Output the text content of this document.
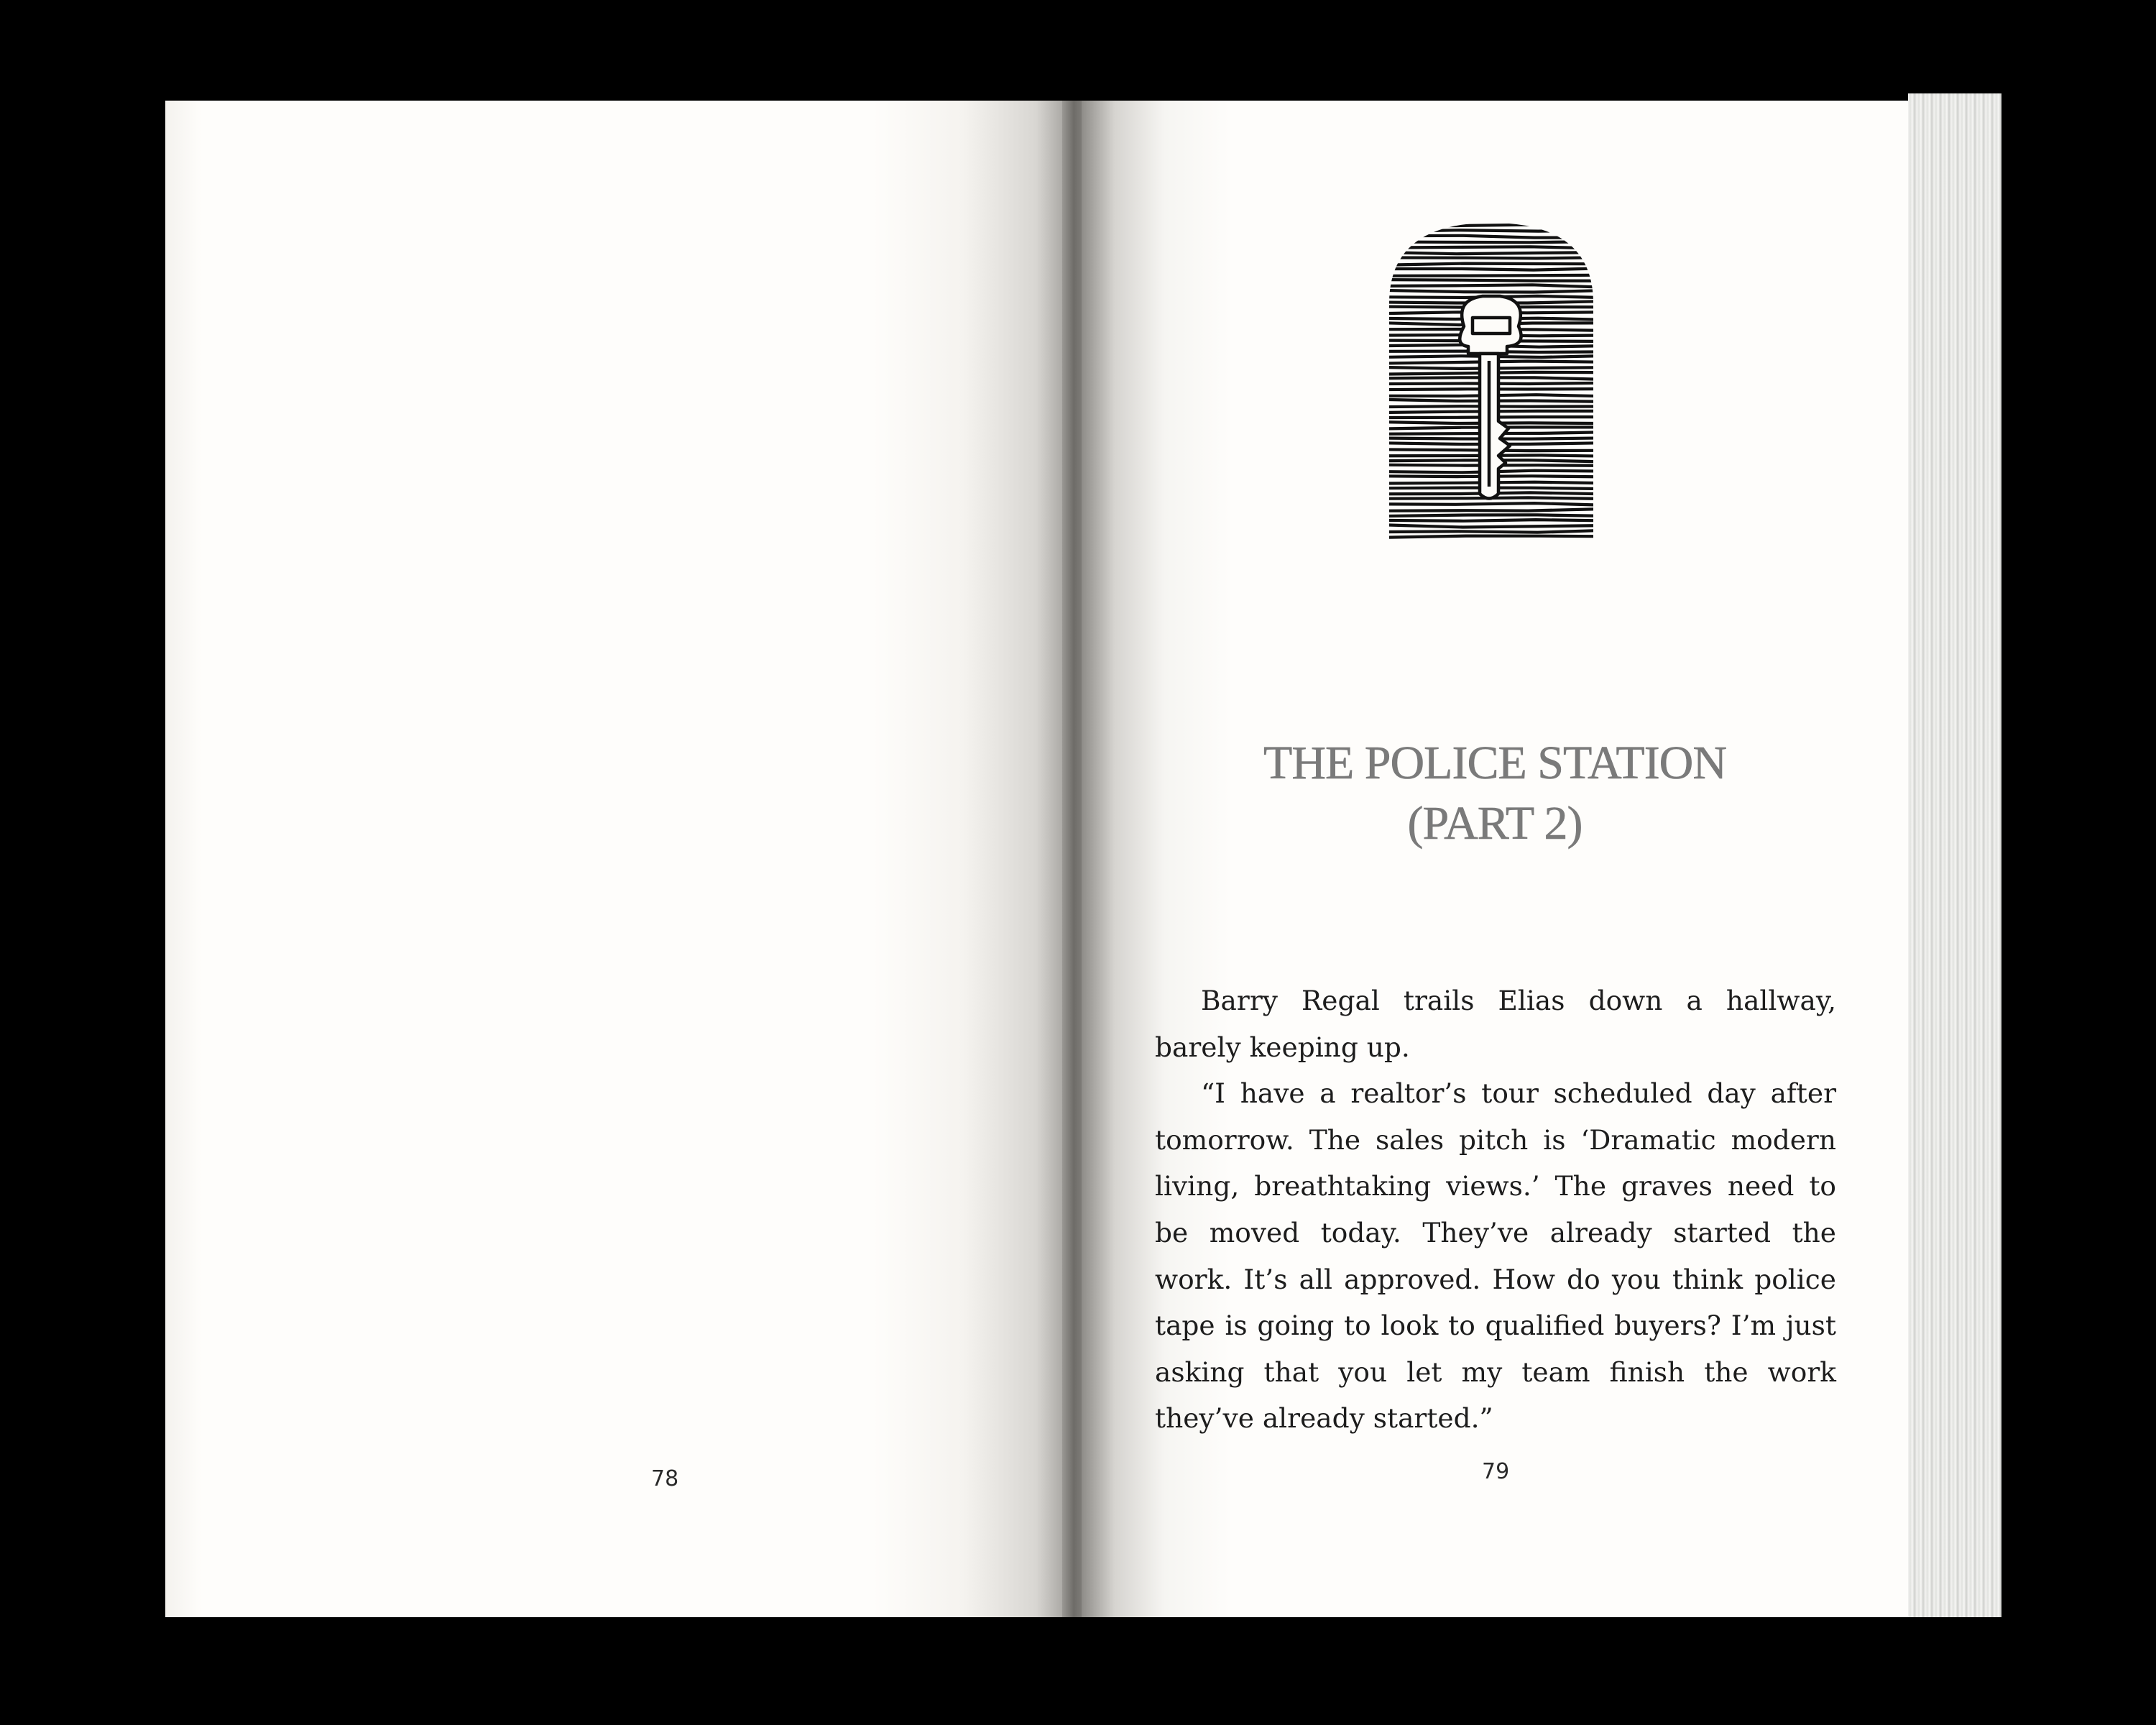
78
THE POLICE STATION
(PART 2)

Barry Regal trails Elias down a hallway, barely keeping up.

“I have a realtor’s tour scheduled day after tomorrow. The sales pitch is ‘Dramatic modern living, breathtaking views.’ The graves need to be moved today. They’ve already started the work. It’s all approved. How do you think police tape is going to look to qualified buyers? I’m just asking that you let my team finish the work they’ve already started.”

79
